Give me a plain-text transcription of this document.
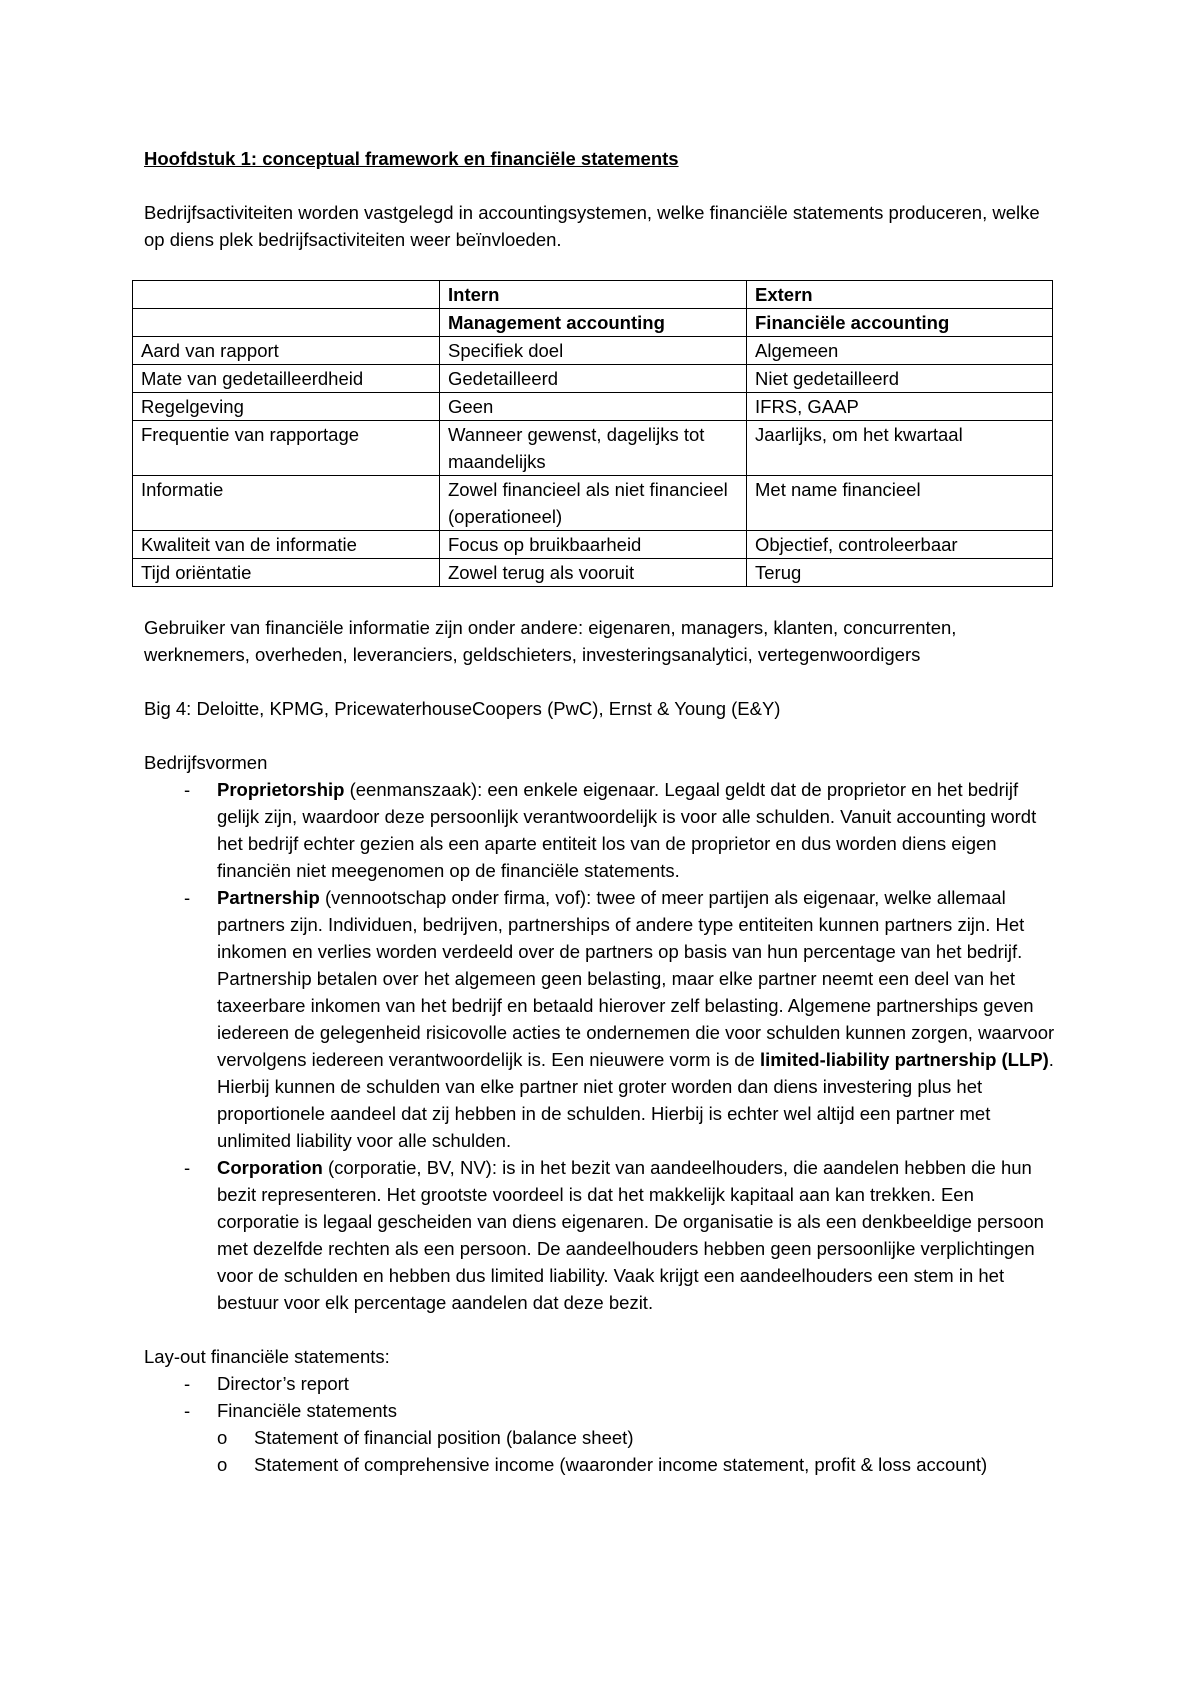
Hoofdstuk 1: conceptual framework en financiële statements

Bedrijfsactiviteiten worden vastgelegd in accountingsystemen, welke financiële statements produceren, welke op diens plek bedrijfsactiviteiten weer beïnvloeden.

	Intern	Extern
	Management accounting	Financiële accounting
Aard van rapport	Specifiek doel	Algemeen
Mate van gedetailleerdheid	Gedetailleerd	Niet gedetailleerd
Regelgeving	Geen	IFRS, GAAP
Frequentie van rapportage	Wanneer gewenst, dagelijks tot maandelijks	Jaarlijks, om het kwartaal
Informatie	Zowel financieel als niet financieel (operationeel)	Met name financieel
Kwaliteit van de informatie	Focus op bruikbaarheid	Objectief, controleerbaar
Tijd oriëntatie	Zowel terug als vooruit	Terug

Gebruiker van financiële informatie zijn onder andere: eigenaren, managers, klanten, concurrenten, werknemers, overheden, leveranciers, geldschieters, investeringsanalytici, vertegenwoordigers

Big 4: Deloitte, KPMG, PricewaterhouseCoopers (PwC), Ernst & Young (E&Y)

Bedrijfsvormen
- Proprietorship (eenmanszaak): een enkele eigenaar. Legaal geldt dat de proprietor en het bedrijf gelijk zijn, waardoor deze persoonlijk verantwoordelijk is voor alle schulden. Vanuit accounting wordt het bedrijf echter gezien als een aparte entiteit los van de proprietor en dus worden diens eigen financiën niet meegenomen op de financiële statements.
- Partnership (vennootschap onder firma, vof): twee of meer partijen als eigenaar, welke allemaal partners zijn. Individuen, bedrijven, partnerships of andere type entiteiten kunnen partners zijn. Het inkomen en verlies worden verdeeld over de partners op basis van hun percentage van het bedrijf. Partnership betalen over het algemeen geen belasting, maar elke partner neemt een deel van het taxeerbare inkomen van het bedrijf en betaald hierover zelf belasting. Algemene partnerships geven iedereen de gelegenheid risicovolle acties te ondernemen die voor schulden kunnen zorgen, waarvoor vervolgens iedereen verantwoordelijk is. Een nieuwere vorm is de limited-liability partnership (LLP). Hierbij kunnen de schulden van elke partner niet groter worden dan diens investering plus het proportionele aandeel dat zij hebben in de schulden. Hierbij is echter wel altijd een partner met unlimited liability voor alle schulden.
- Corporation (corporatie, BV, NV): is in het bezit van aandeelhouders, die aandelen hebben die hun bezit representeren. Het grootste voordeel is dat het makkelijk kapitaal aan kan trekken. Een corporatie is legaal gescheiden van diens eigenaren. De organisatie is als een denkbeeldige persoon met dezelfde rechten als een persoon. De aandeelhouders hebben geen persoonlijke verplichtingen voor de schulden en hebben dus limited liability. Vaak krijgt een aandeelhouders een stem in het bestuur voor elk percentage aandelen dat deze bezit.
Lay-out financiële statements:
- Director’s report
- Financiële statements
o Statement of financial position (balance sheet)
o Statement of comprehensive income (waaronder income statement, profit & loss account)
